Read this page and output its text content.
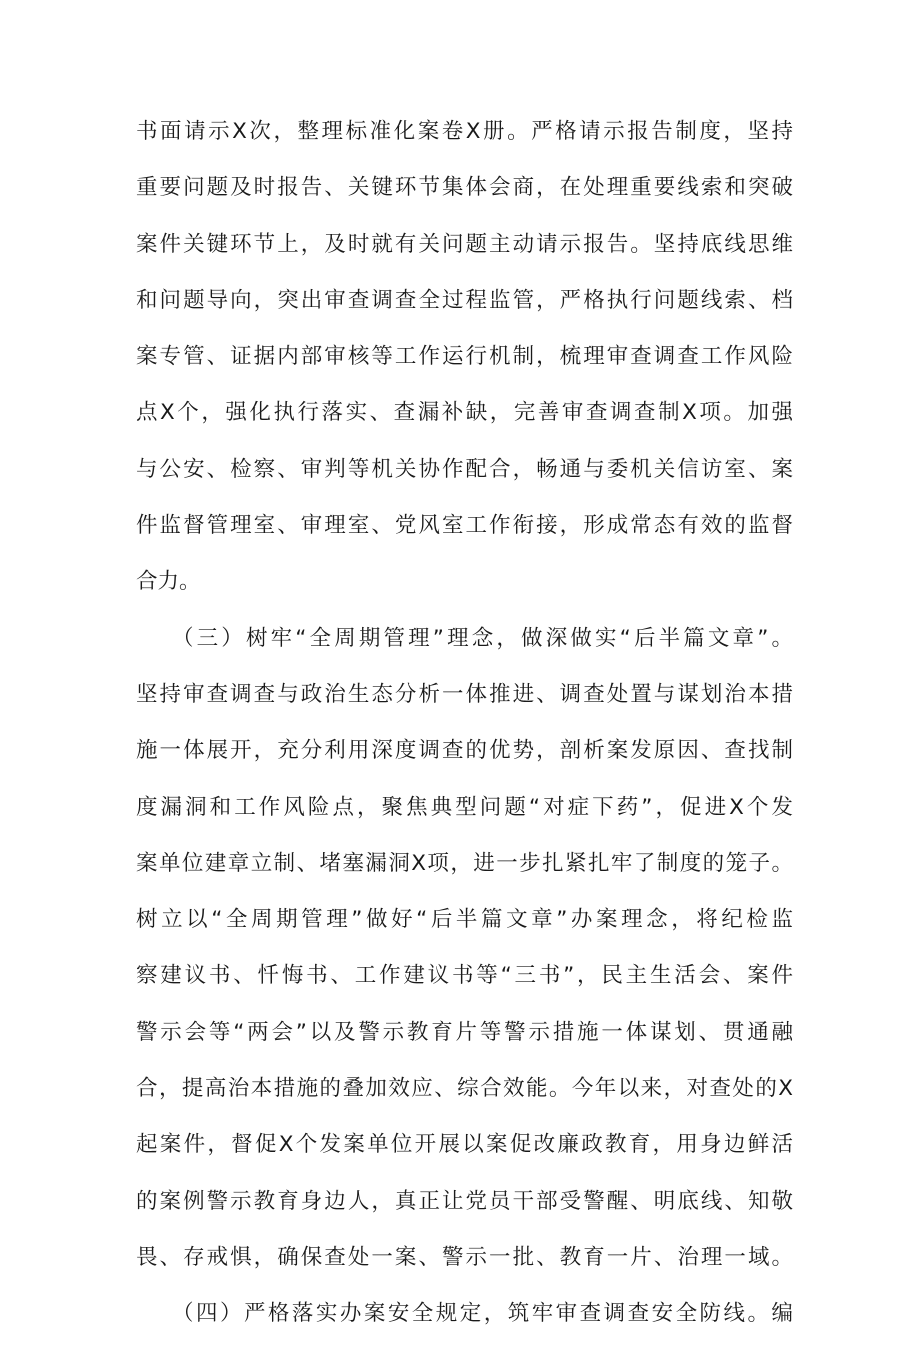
书面请示X次，整理标准化案卷X册。严格请示报告制度，坚持
重要问题及时报告、关键环节集体会商，在处理重要线索和突破
案件关键环节上，及时就有关问题主动请示报告。坚持底线思维
和问题导向，突出审查调查全过程监管，严格执行问题线索、档
案专管、证据内部审核等工作运行机制，梳理审查调查工作风险
点X个，强化执行落实、查漏补缺，完善审查调查制X项。加强
与公安、检察、审判等机关协作配合，畅通与委机关信访室、案
件监督管理室、审理室、党风室工作衔接，形成常态有效的监督
合力。
（三）树牢“全周期管理”理念，做深做实“后半篇文章”。
坚持审查调查与政治生态分析一体推进、调查处置与谋划治本措
施一体展开，充分利用深度调查的优势，剖析案发原因、查找制
度漏洞和工作风险点，聚焦典型问题“对症下药”，促进X个发
案单位建章立制、堵塞漏洞X项，进一步扎紧扎牢了制度的笼子。
树立以“全周期管理”做好“后半篇文章”办案理念，将纪检监
察建议书、忏悔书、工作建议书等“三书”，民主生活会、案件
警示会等“两会”以及警示教育片等警示措施一体谋划、贯通融
合，提高治本措施的叠加效应、综合效能。今年以来，对查处的X
起案件，督促X个发案单位开展以案促改廉政教育，用身边鲜活
的案例警示教育身边人，真正让党员干部受警醒、明底线、知敬
畏、存戒惧，确保查处一案、警示一批、教育一片、治理一域。
（四）严格落实办案安全规定，筑牢审查调查安全防线。编
